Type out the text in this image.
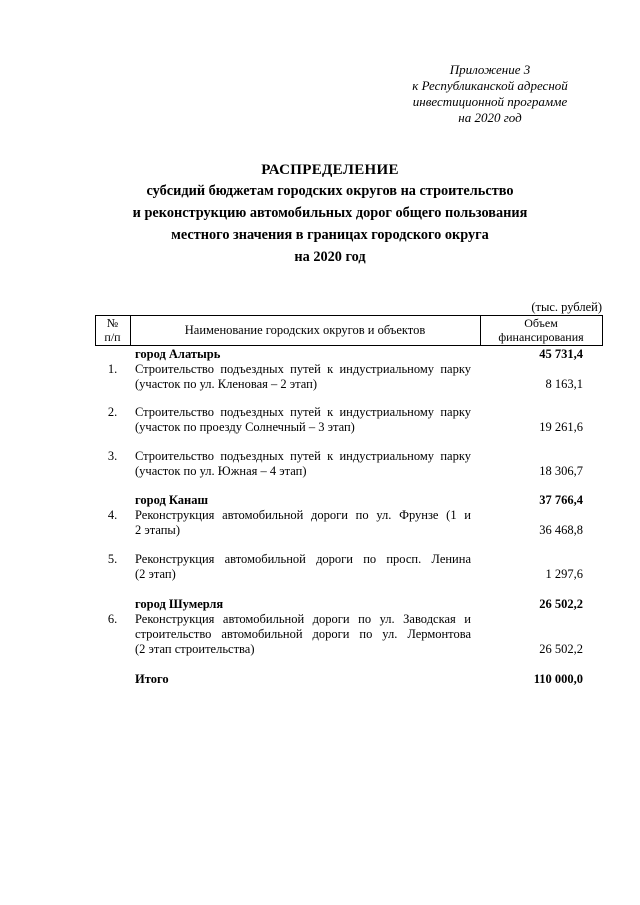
Приложение 3
к Республиканской адресной
инвестиционной программе
на 2020 год
РАСПРЕДЕЛЕНИЕ
субсидий бюджетам городских округов на строительство
и реконструкцию автомобильных дорог общего пользования
местного значения в границах городского округа
на 2020 год
(тыс. рублей)
№
п/п	Наименование городских округов и объектов	Объем
финансирования
город Алатырь	45 731,4
1.	Строительство подъездных путей к индустриальному парку
(участок по ул. Кленовая – 2 этап)	8 163,1
2.	Строительство подъездных путей к индустриальному парку
(участок по проезду Солнечный – 3 этап)	19 261,6
3.	Строительство подъездных путей к индустриальному парку
(участок по ул. Южная – 4 этап)	18 306,7
город Канаш	37 766,4
4.	Реконструкция автомобильной дороги по ул. Фрунзе (1 и
2 этапы)	36 468,8
5.	Реконструкция автомобильной дороги по просп. Ленина
(2 этап)	1 297,6
город Шумерля	26 502,2
6.	Реконструкция автомобильной дороги по ул. Заводская и
строительство автомобильной дороги по ул. Лермонтова
(2 этап строительства)	26 502,2
Итого	110 000,0
